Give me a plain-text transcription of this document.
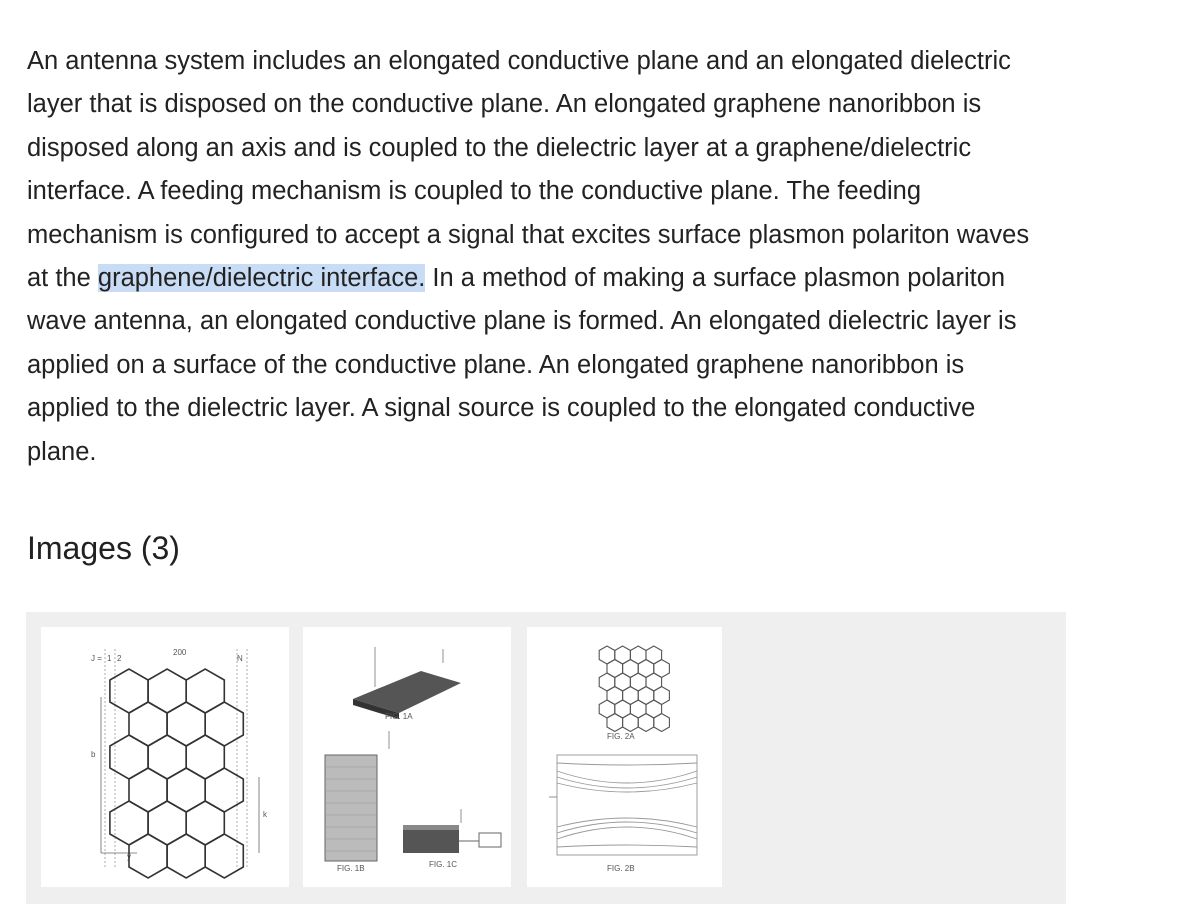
An antenna system includes an elongated conductive plane and an elongated dielectric layer that is disposed on the conductive plane. An elongated graphene nanoribbon is disposed along an axis and is coupled to the dielectric layer at a graphene/dielectric interface. A feeding mechanism is coupled to the conductive plane. The feeding mechanism is configured to accept a signal that excites surface plasmon polariton waves at the graphene/dielectric interface. In a method of making a surface plasmon polariton wave antenna, an elongated conductive plane is formed. An elongated dielectric layer is applied on a surface of the conductive plane. An elongated graphene nanoribbon is applied to the dielectric layer. A signal source is coupled to the elongated conductive plane.

Images (3)
J = 1 2
200
N
b
k
y
FIG. 1A
FIG. 1B	FIG. 1C
FIG. 2A
FIG. 2B
